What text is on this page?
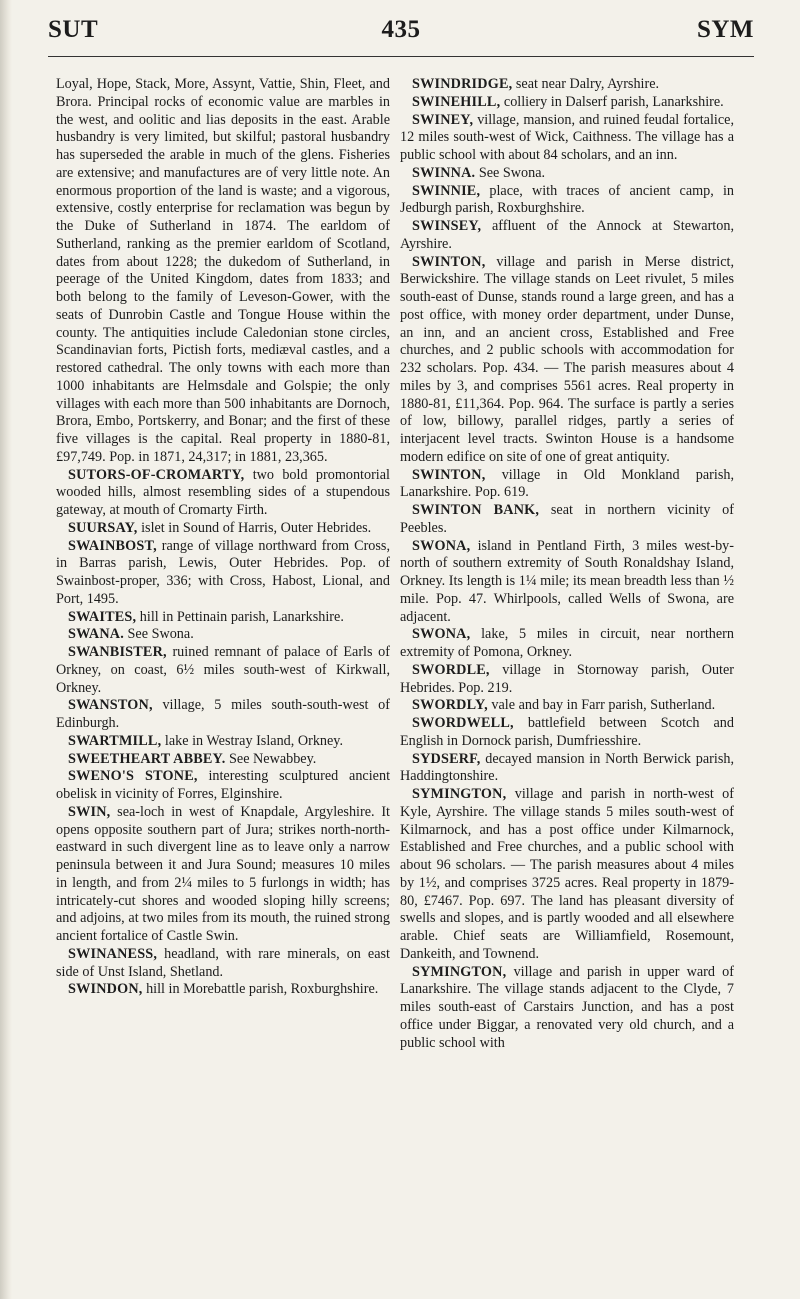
SUT	435	SYM

Loyal, Hope, Stack, More, Assynt, Vattie, Shin, Fleet, and Brora. Principal rocks of economic value are marbles in the west, and oolitic and lias deposits in the east. Arable husbandry is very limited, but skilful; pastoral husbandry has superseded the arable in much of the glens. Fisheries are extensive; and manufactures are of very little note. An enormous proportion of the land is waste; and a vigorous, extensive, costly enterprise for reclamation was begun by the Duke of Sutherland in 1874. The earldom of Sutherland, ranking as the premier earldom of Scotland, dates from about 1228; the dukedom of Sutherland, in peerage of the United Kingdom, dates from 1833; and both belong to the family of Leveson-Gower, with the seats of Dunrobin Castle and Tongue House within the county. The antiquities include Caledonian stone circles, Scandinavian forts, Pictish forts, mediæval castles, and a restored cathedral. The only towns with each more than 1000 inhabitants are Helmsdale and Golspie; the only villages with each more than 500 inhabitants are Dornoch, Brora, Embo, Portskerry, and Bonar; and the first of these five villages is the capital. Real property in 1880-81, £97,749. Pop. in 1871, 24,317; in 1881, 23,365.

SUTORS-OF-CROMARTY, two bold promontorial wooded hills, almost resembling sides of a stupendous gateway, at mouth of Cromarty Firth.

SUURSAY, islet in Sound of Harris, Outer Hebrides.

SWAINBOST, range of village northward from Cross, in Barras parish, Lewis, Outer Hebrides. Pop. of Swainbost-proper, 336; with Cross, Habost, Lional, and Port, 1495.

SWAITES, hill in Pettinain parish, Lanarkshire.

SWANA. See Swona.

SWANBISTER, ruined remnant of palace of Earls of Orkney, on coast, 6½ miles south-west of Kirkwall, Orkney.

SWANSTON, village, 5 miles south-south-west of Edinburgh.

SWARTMILL, lake in Westray Island, Orkney.

SWEETHEART ABBEY. See Newabbey.

SWENO'S STONE, interesting sculptured ancient obelisk in vicinity of Forres, Elginshire.

SWIN, sea-loch in west of Knapdale, Argyleshire. It opens opposite southern part of Jura; strikes north-north-eastward in such divergent line as to leave only a narrow peninsula between it and Jura Sound; measures 10 miles in length, and from 2¼ miles to 5 furlongs in width; has intricately-cut shores and wooded sloping hilly screens; and adjoins, at two miles from its mouth, the ruined strong ancient fortalice of Castle Swin.

SWINANESS, headland, with rare minerals, on east side of Unst Island, Shetland.

SWINDON, hill in Morebattle parish, Roxburghshire.

SWINDRIDGE, seat near Dalry, Ayrshire.

SWINEHILL, colliery in Dalserf parish, Lanarkshire.

SWINEY, village, mansion, and ruined feudal fortalice, 12 miles south-west of Wick, Caithness. The village has a public school with about 84 scholars, and an inn.

SWINNA. See Swona.

SWINNIE, place, with traces of ancient camp, in Jedburgh parish, Roxburghshire.

SWINSEY, affluent of the Annock at Stewarton, Ayrshire.

SWINTON, village and parish in Merse district, Berwickshire. The village stands on Leet rivulet, 5 miles south-east of Dunse, stands round a large green, and has a post office, with money order department, under Dunse, an inn, and an ancient cross, Established and Free churches, and 2 public schools with accommodation for 232 scholars. Pop. 434. — The parish measures about 4 miles by 3, and comprises 5561 acres. Real property in 1880-81, £11,364. Pop. 964. The surface is partly a series of low, billowy, parallel ridges, partly a series of interjacent level tracts. Swinton House is a handsome modern edifice on site of one of great antiquity.

SWINTON, village in Old Monkland parish, Lanarkshire. Pop. 619.

SWINTON BANK, seat in northern vicinity of Peebles.

SWONA, island in Pentland Firth, 3 miles west-by-north of southern extremity of South Ronaldshay Island, Orkney. Its length is 1¼ mile; its mean breadth less than ½ mile. Pop. 47. Whirlpools, called Wells of Swona, are adjacent.

SWONA, lake, 5 miles in circuit, near northern extremity of Pomona, Orkney.

SWORDLE, village in Stornoway parish, Outer Hebrides. Pop. 219.

SWORDLY, vale and bay in Farr parish, Sutherland.

SWORDWELL, battlefield between Scotch and English in Dornock parish, Dumfriesshire.

SYDSERF, decayed mansion in North Berwick parish, Haddingtonshire.

SYMINGTON, village and parish in north-west of Kyle, Ayrshire. The village stands 5 miles south-west of Kilmarnock, and has a post office under Kilmarnock, Established and Free churches, and a public school with about 96 scholars. — The parish measures about 4 miles by 1½, and comprises 3725 acres. Real property in 1879-80, £7467. Pop. 697. The land has pleasant diversity of swells and slopes, and is partly wooded and all elsewhere arable. Chief seats are Williamfield, Rosemount, Dankeith, and Townend.

SYMINGTON, village and parish in upper ward of Lanarkshire. The village stands adjacent to the Clyde, 7 miles south-east of Carstairs Junction, and has a post office under Biggar, a renovated very old church, and a public school with
